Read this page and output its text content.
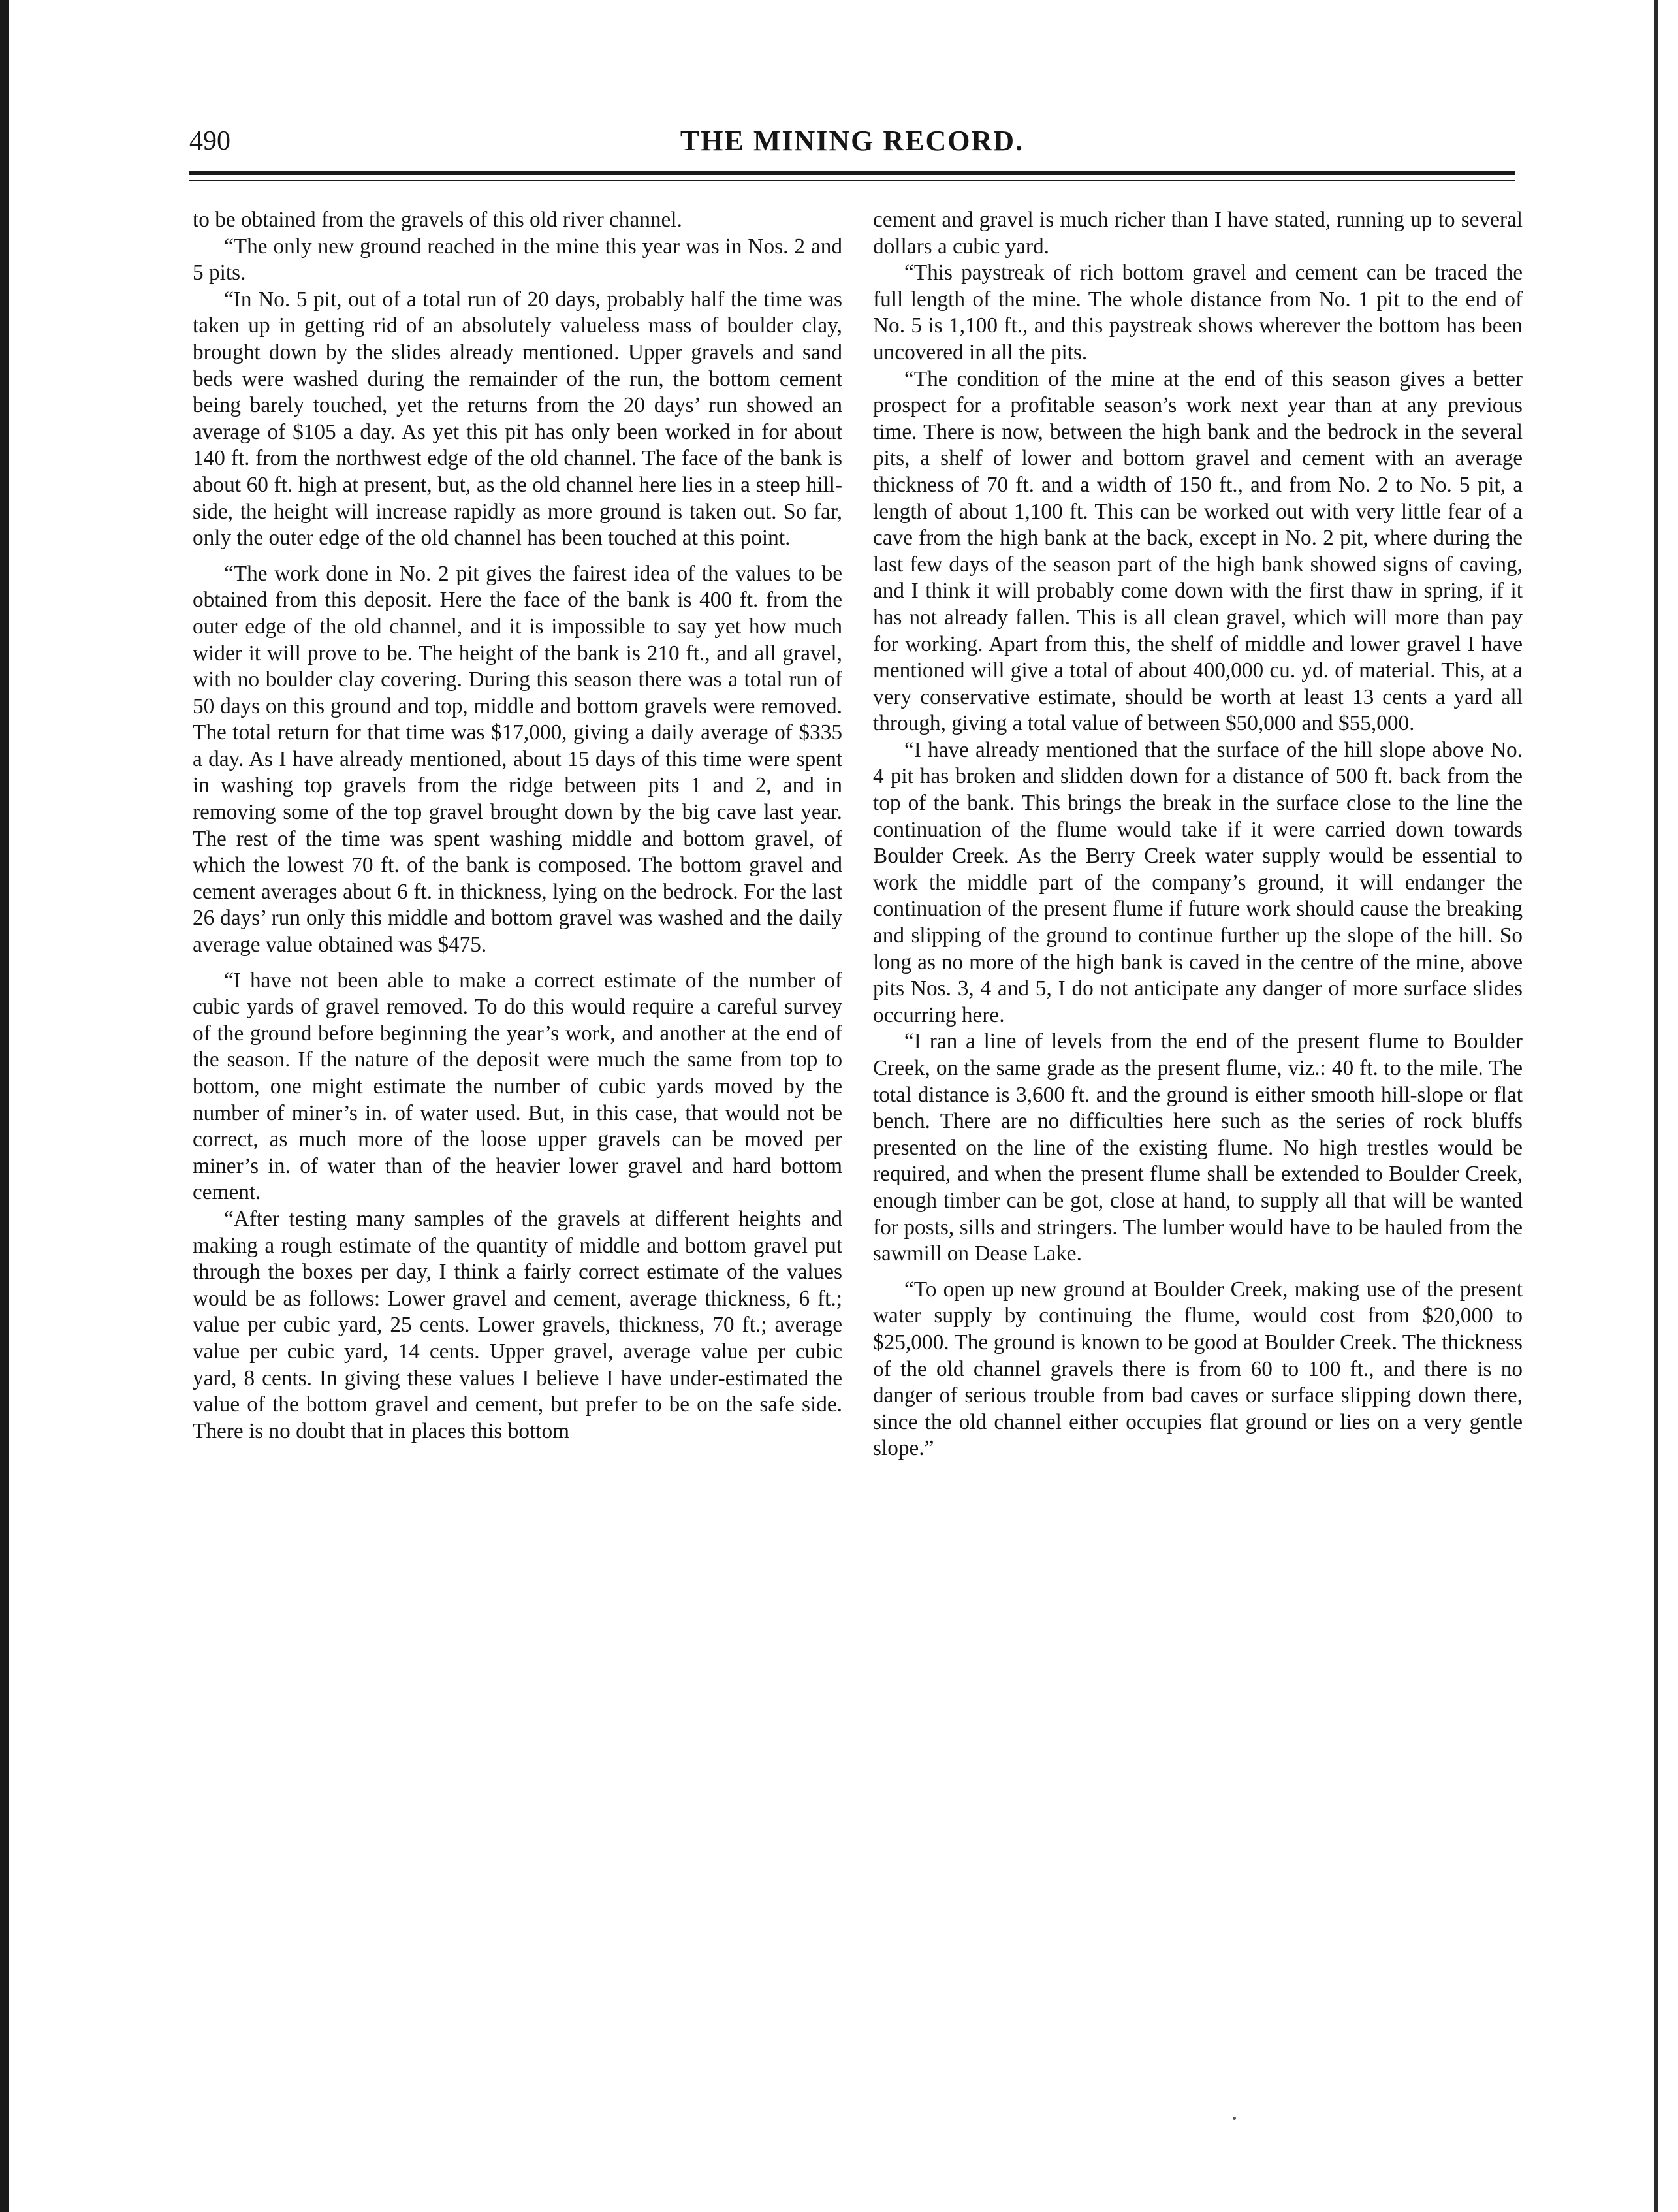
490	THE MINING RECORD.

to be obtained from the gravels of this old river channel.

“The only new ground reached in the mine this year was in Nos. 2 and 5 pits.

“In No. 5 pit, out of a total run of 20 days, probably half the time was taken up in getting rid of an absolutely valueless mass of boulder clay, brought down by the slides already mentioned. Upper gravels and sand beds were washed during the remainder of the run, the bottom cement being barely touched, yet the returns from the 20 days’ run showed an average of $105 a day. As yet this pit has only been worked in for about 140 ft. from the northwest edge of the old channel. The face of the bank is about 60 ft. high at present, but, as the old channel here lies in a steep hill-side, the height will increase rapidly as more ground is taken out. So far, only the outer edge of the old channel has been touched at this point.

“The work done in No. 2 pit gives the fairest idea of the values to be obtained from this deposit. Here the face of the bank is 400 ft. from the outer edge of the old channel, and it is impossible to say yet how much wider it will prove to be. The height of the bank is 210 ft., and all gravel, with no boulder clay covering. During this season there was a total run of 50 days on this ground and top, middle and bottom gravels were removed. The total return for that time was $17,000, giving a daily average of $335 a day. As I have already mentioned, about 15 days of this time were spent in washing top gravels from the ridge between pits 1 and 2, and in removing some of the top gravel brought down by the big cave last year. The rest of the time was spent washing middle and bottom gravel, of which the lowest 70 ft. of the bank is composed. The bottom gravel and cement averages about 6 ft. in thickness, lying on the bedrock. For the last 26 days’ run only this middle and bottom gravel was washed and the daily average value obtained was $475.

“I have not been able to make a correct estimate of the number of cubic yards of gravel removed. To do this would require a careful survey of the ground before beginning the year’s work, and another at the end of the season. If the nature of the deposit were much the same from top to bottom, one might estimate the number of cubic yards moved by the number of miner’s in. of water used. But, in this case, that would not be correct, as much more of the loose upper gravels can be moved per miner’s in. of water than of the heavier lower gravel and hard bottom cement.

“After testing many samples of the gravels at different heights and making a rough estimate of the quantity of middle and bottom gravel put through the boxes per day, I think a fairly correct estimate of the values would be as follows: Lower gravel and cement, average thickness, 6 ft.; value per cubic yard, 25 cents. Lower gravels, thickness, 70 ft.; average value per cubic yard, 14 cents. Upper gravel, average value per cubic yard, 8 cents. In giving these values I believe I have under-estimated the value of the bottom gravel and cement, but prefer to be on the safe side. There is no doubt that in places this bottom

cement and gravel is much richer than I have stated, running up to several dollars a cubic yard.

“This paystreak of rich bottom gravel and cement can be traced the full length of the mine. The whole distance from No. 1 pit to the end of No. 5 is 1,100 ft., and this paystreak shows wherever the bottom has been uncovered in all the pits.

“The condition of the mine at the end of this season gives a better prospect for a profitable season’s work next year than at any previous time. There is now, between the high bank and the bedrock in the several pits, a shelf of lower and bottom gravel and cement with an average thickness of 70 ft. and a width of 150 ft., and from No. 2 to No. 5 pit, a length of about 1,100 ft. This can be worked out with very little fear of a cave from the high bank at the back, except in No. 2 pit, where during the last few days of the season part of the high bank showed signs of caving, and I think it will probably come down with the first thaw in spring, if it has not already fallen. This is all clean gravel, which will more than pay for working. Apart from this, the shelf of middle and lower gravel I have mentioned will give a total of about 400,000 cu. yd. of material. This, at a very conservative estimate, should be worth at least 13 cents a yard all through, giving a total value of between $50,000 and $55,000.

“I have already mentioned that the surface of the hill slope above No. 4 pit has broken and slidden down for a distance of 500 ft. back from the top of the bank. This brings the break in the surface close to the line the continuation of the flume would take if it were carried down towards Boulder Creek. As the Berry Creek water supply would be essential to work the middle part of the company’s ground, it will endanger the continuation of the present flume if future work should cause the breaking and slipping of the ground to continue further up the slope of the hill. So long as no more of the high bank is caved in the centre of the mine, above pits Nos. 3, 4 and 5, I do not anticipate any danger of more surface slides occurring here.

“I ran a line of levels from the end of the present flume to Boulder Creek, on the same grade as the present flume, viz.: 40 ft. to the mile. The total distance is 3,600 ft. and the ground is either smooth hill-slope or flat bench. There are no difficulties here such as the series of rock bluffs presented on the line of the existing flume. No high trestles would be required, and when the present flume shall be extended to Boulder Creek, enough timber can be got, close at hand, to supply all that will be wanted for posts, sills and stringers. The lumber would have to be hauled from the sawmill on Dease Lake.

“To open up new ground at Boulder Creek, making use of the present water supply by continuing the flume, would cost from $20,000 to $25,000. The ground is known to be good at Boulder Creek. The thickness of the old channel gravels there is from 60 to 100 ft., and there is no danger of serious trouble from bad caves or surface slipping down there, since the old channel either occupies flat ground or lies on a very gentle slope.”
